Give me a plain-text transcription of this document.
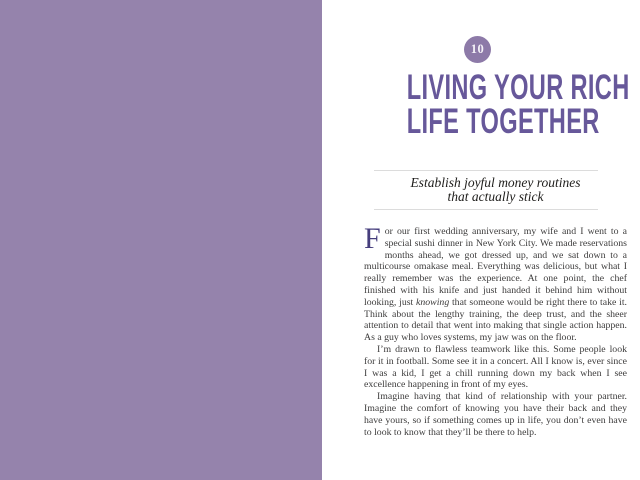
10
LIVING YOUR RICH
LIFE TOGETHER
Establish joyful money routines
that actually stick

For our first wedding anniversary, my wife and I went to a special sushi dinner in New York City. We made reservations months ahead, we got dressed up, and we sat down to a multicourse omakase meal. Everything was delicious, but what I really remember was the experience. At one point, the chef finished with his knife and just handed it behind him without looking, just knowing that someone would be right there to take it. Think about the lengthy training, the deep trust, and the sheer attention to detail that went into making that single action happen. As a guy who loves systems, my jaw was on the floor.

I’m drawn to flawless teamwork like this. Some people look for it in football. Some see it in a concert. All I know is, ever since I was a kid, I get a chill running down my back when I see excellence happening in front of my eyes.

Imagine having that kind of relationship with your partner. Imagine the comfort of knowing you have their back and they have yours, so if something comes up in life, you don’t even have to look to know that they’ll be there to help.
